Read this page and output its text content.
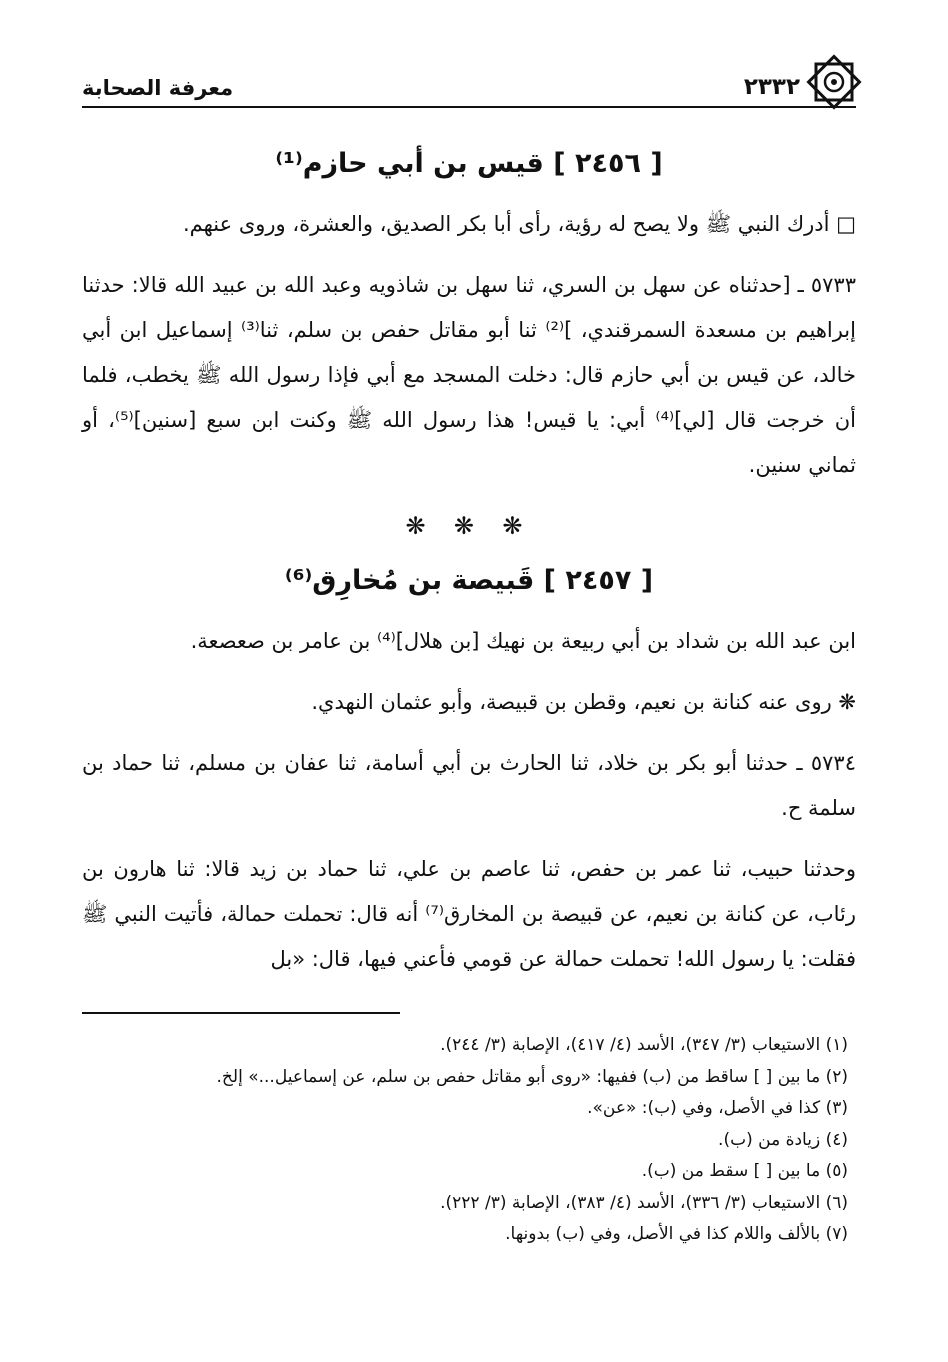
معرفة الصحابة	٢٣٣٢
[ ٢٤٥٦ ] قيس بن أبي حازم⁽¹⁾

□ أدرك النبي ﷺ ولا يصح له رؤية، رأى أبا بكر الصديق، والعشرة، وروى عنهم.

٥٧٣٣ ـ [حدثناه عن سهل بن السري، ثنا سهل بن شاذويه وعبد الله بن عبيد الله قالا: حدثنا إبراهيم بن مسعدة السمرقندي، ]⁽²⁾ ثنا أبو مقاتل حفص بن سلم، ثنا⁽³⁾ إسماعيل ابن أبي خالد، عن قيس بن أبي حازم قال: دخلت المسجد مع أبي فإذا رسول الله ﷺ يخطب، فلما أن خرجت قال [لي]⁽⁴⁾ أبي: يا قيس! هذا رسول الله ﷺ وكنت ابن سبع [سنين]⁽⁵⁾، أو ثماني سنين.

❋ ❋ ❋
[ ٢٤٥٧ ] قَبيصة بن مُخارِق⁽⁶⁾

ابن عبد الله بن شداد بن أبي ربيعة بن نهيك [بن هلال]⁽⁴⁾ بن عامر بن صعصعة.

❋ روى عنه كنانة بن نعيم، وقطن بن قبيصة، وأبو عثمان النهدي.

٥٧٣٤ ـ حدثنا أبو بكر بن خلاد، ثنا الحارث بن أبي أسامة، ثنا عفان بن مسلم، ثنا حماد بن سلمة ح.

وحدثنا حبيب، ثنا عمر بن حفص، ثنا عاصم بن علي، ثنا حماد بن زيد قالا: ثنا هارون بن رئاب، عن كنانة بن نعيم، عن قبيصة بن المخارق⁽⁷⁾ أنه قال: تحملت حمالة، فأتيت النبي ﷺ فقلت: يا رسول الله! تحملت حمالة عن قومي فأعني فيها، قال: «بل

(١) الاستيعاب (٣/ ٣٤٧)، الأسد (٤/ ٤١٧)، الإصابة (٣/ ٢٤٤).
(٢) ما بين [ ] ساقط من (ب) ففيها: «روى أبو مقاتل حفص بن سلم، عن إسماعيل...» إلخ.
(٣) كذا في الأصل، وفي (ب): «عن».
(٤) زيادة من (ب).
(٥) ما بين [ ] سقط من (ب).
(٦) الاستيعاب (٣/ ٣٣٦)، الأسد (٤/ ٣٨٣)، الإصابة (٣/ ٢٢٢).
(٧) بالألف واللام كذا في الأصل، وفي (ب) بدونها.
